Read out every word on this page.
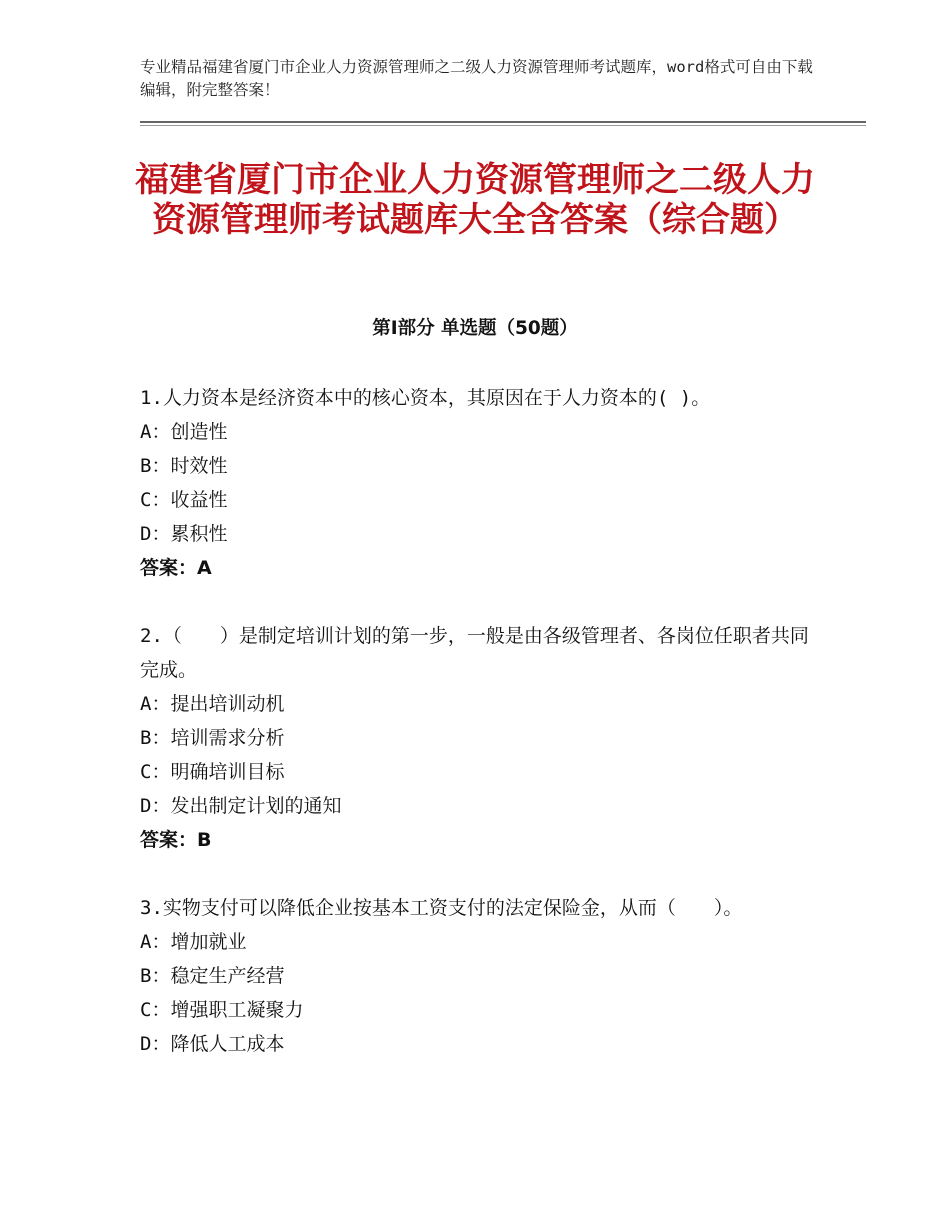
专业精品福建省厦门市企业人力资源管理师之二级人力资源管理师考试题库，word格式可自由下载编辑，附完整答案！
福建省厦门市企业人力资源管理师之二级人力资源管理师考试题库大全含答案（综合题）
第Ⅰ部分 单选题（50题）
1.人力资本是经济资本中的核心资本，其原因在于人力资本的( )。
A：创造性
B：时效性
C：收益性
D：累积性
答案：A
2.（　　）是制定培训计划的第一步，一般是由各级管理者、各岗位任职者共同完成。
A：提出培训动机
B：培训需求分析
C：明确培训目标
D：发出制定计划的通知
答案：B
3.实物支付可以降低企业按基本工资支付的法定保险金，从而（　　）。
A：增加就业
B：稳定生产经营
C：增强职工凝聚力
D：降低人工成本
